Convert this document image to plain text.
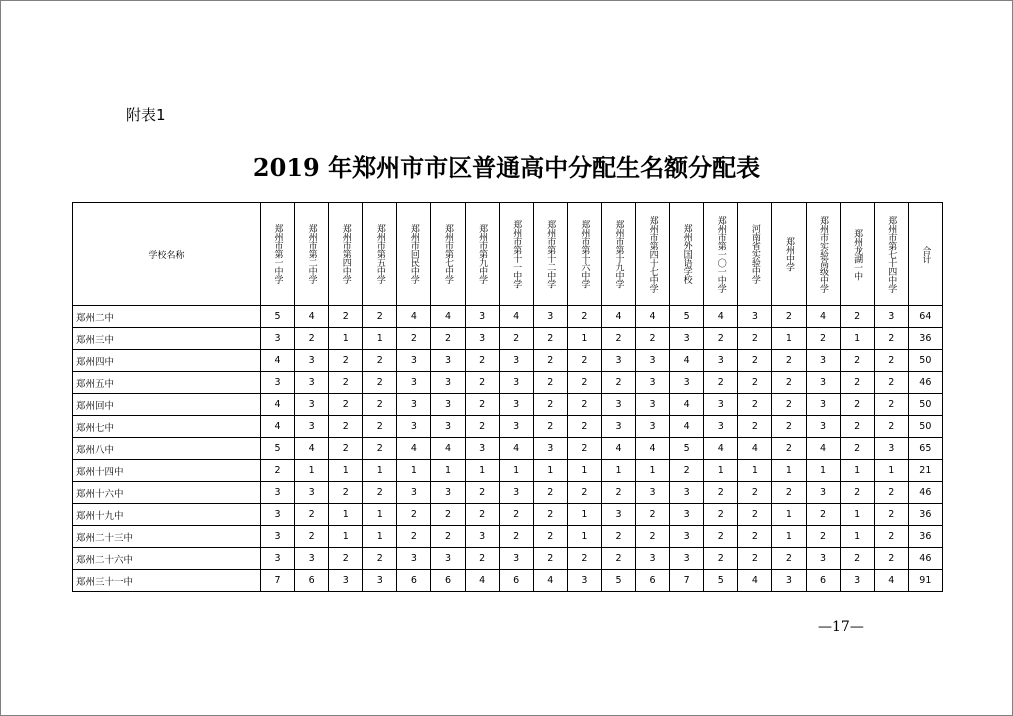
附表1
2019 年郑州市市区普通高中分配生名额分配表
学校名称	郑州市第一中学	郑州市第二中学	郑州市第四中学	郑州市第五中学	郑州市回民中学	郑州市第七中学	郑州市第九中学	郑州市第十一中学	郑州市第十二中学	郑州市第十六中学	郑州市第十九中学	郑州市第四十七中学	郑州外国语学校	郑州市第一〇一中学	河南省实验中学	郑州中学	郑州市实验高级中学	郑州龙湖一中	郑州市第七十四中学	合计

郑州二中	5	4	2	2	4	4	3	4	3	2	4	4	5	4	3	2	4	2	3	64
郑州三中	3	2	1	1	2	2	3	2	2	1	2	2	3	2	2	1	2	1	2	36
郑州四中	4	3	2	2	3	3	2	3	2	2	3	3	4	3	2	2	3	2	2	50
郑州五中	3	3	2	2	3	3	2	3	2	2	2	3	3	2	2	2	3	2	2	46
郑州回中	4	3	2	2	3	3	2	3	2	2	3	3	4	3	2	2	3	2	2	50
郑州七中	4	3	2	2	3	3	2	3	2	2	3	3	4	3	2	2	3	2	2	50
郑州八中	5	4	2	2	4	4	3	4	3	2	4	4	5	4	4	2	4	2	3	65
郑州十四中	2	1	1	1	1	1	1	1	1	1	1	1	2	1	1	1	1	1	1	21
郑州十六中	3	3	2	2	3	3	2	3	2	2	2	3	3	2	2	2	3	2	2	46
郑州十九中	3	2	1	1	2	2	2	2	2	1	3	2	3	2	2	1	2	1	2	36
郑州二十三中	3	2	1	1	2	2	3	2	2	1	2	2	3	2	2	1	2	1	2	36
郑州二十六中	3	3	2	2	3	3	2	3	2	2	2	3	3	2	2	2	3	2	2	46
郑州三十一中	7	6	3	3	6	6	4	6	4	3	5	6	7	5	4	3	6	3	4	91
—17—
